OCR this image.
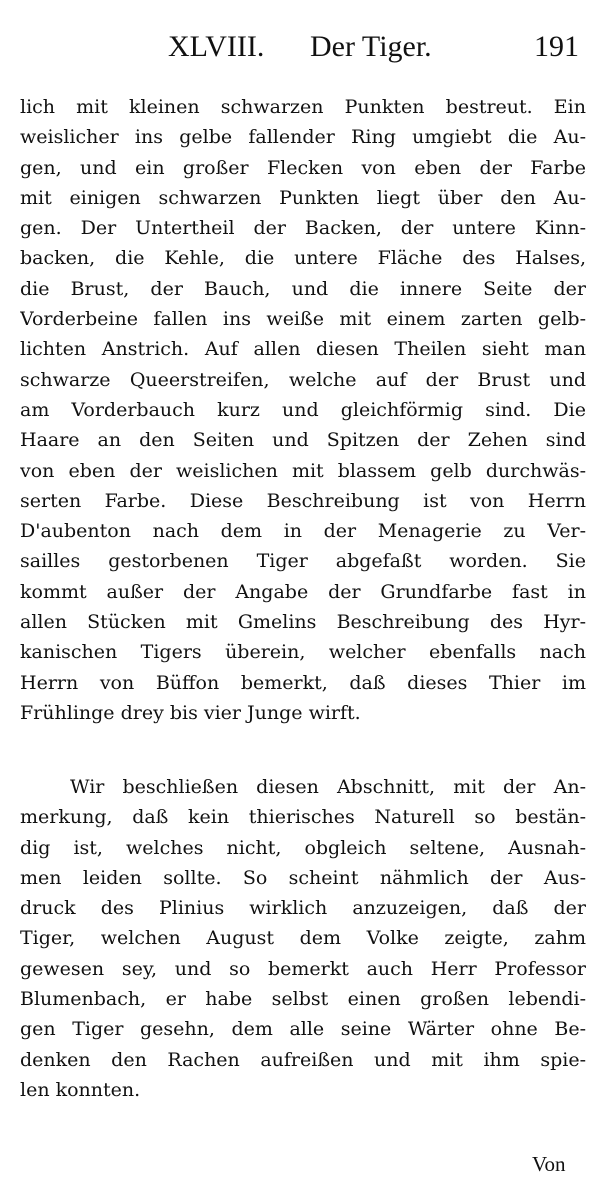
XLVIII. Der Tiger.	191
lich mit kleinen schwarzen Punkten bestreut. Ein
weislicher ins gelbe fallender Ring umgiebt die Au-
gen, und ein großer Flecken von eben der Farbe
mit einigen schwarzen Punkten liegt über den Au-
gen. Der Untertheil der Backen, der untere Kinn-
backen, die Kehle, die untere Fläche des Halses,
die Brust, der Bauch, und die innere Seite der
Vorderbeine fallen ins weiße mit einem zarten gelb-
lichten Anstrich. Auf allen diesen Theilen sieht man
schwarze Queerstreifen, welche auf der Brust und
am Vorderbauch kurz und gleichförmig sind. Die
Haare an den Seiten und Spitzen der Zehen sind
von eben der weislichen mit blassem gelb durchwäs-
serten Farbe. Diese Beschreibung ist von Herrn
D'aubenton nach dem in der Menagerie zu Ver-
sailles gestorbenen Tiger abgefaßt worden. Sie
kommt außer der Angabe der Grundfarbe fast in
allen Stücken mit Gmelins Beschreibung des Hyr-
kanischen Tigers überein, welcher ebenfalls nach
Herrn von Büffon bemerkt, daß dieses Thier im
Frühlinge drey bis vier Junge wirft.
Wir beschließen diesen Abschnitt, mit der An-
merkung, daß kein thierisches Naturell so bestän-
dig ist, welches nicht, obgleich seltene, Ausnah-
men leiden sollte. So scheint nähmlich der Aus-
druck des Plinius wirklich anzuzeigen, daß der
Tiger, welchen August dem Volke zeigte, zahm
gewesen sey, und so bemerkt auch Herr Professor
Blumenbach, er habe selbst einen großen lebendi-
gen Tiger gesehn, dem alle seine Wärter ohne Be-
denken den Rachen aufreißen und mit ihm spie-
len konnten.
Von
